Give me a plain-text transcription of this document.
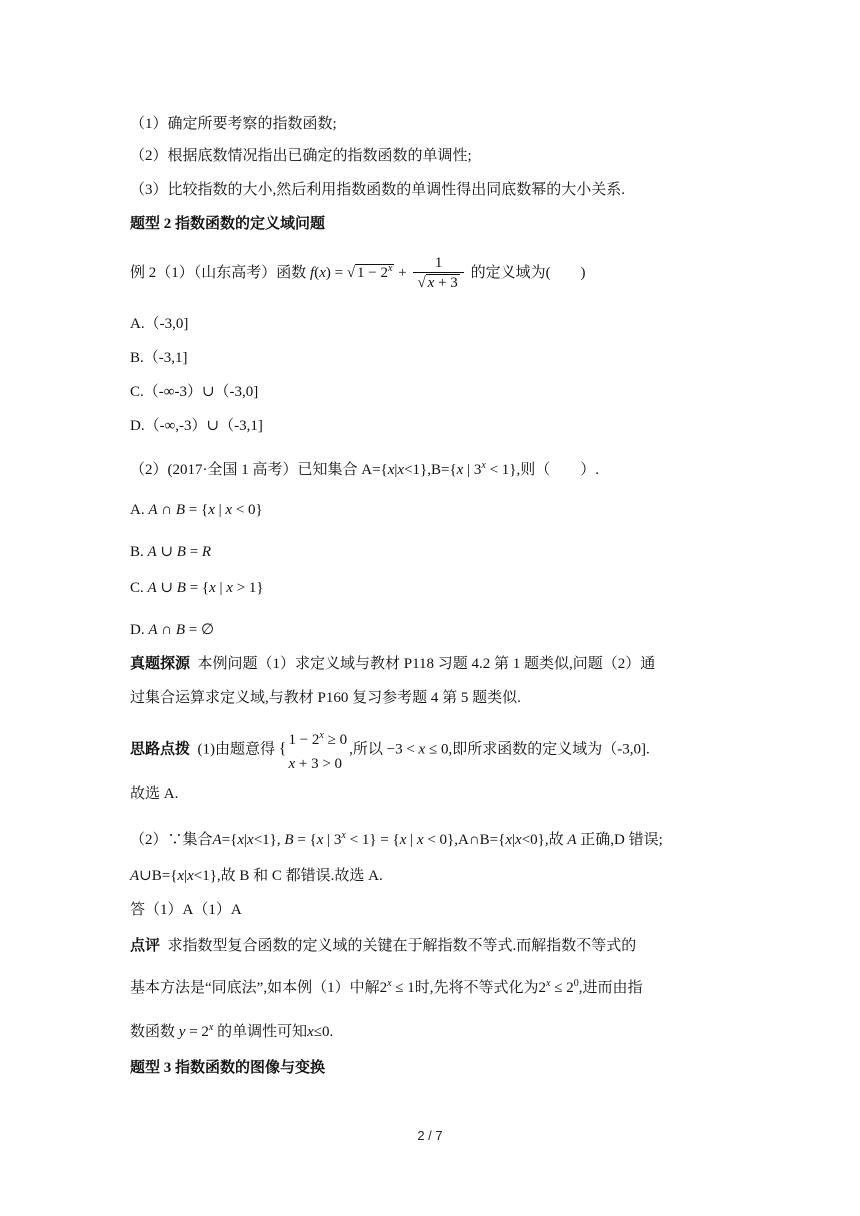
（1）确定所要考察的指数函数;
（2）根据底数情况指出已确定的指数函数的单调性;
（3）比较指数的大小,然后利用指数函数的单调性得出同底数幂的大小关系.
题型 2 指数函数的定义域问题
例 2（1）（山东高考）函数 f(x) = √ $1 - 2^x + \frac{1}{√ x + 3}$ 的定义域为(　　)
A.（-3,0]
B.（-3,1]
C.（-∞-3）∪（-3,0]
D.（-∞,-3）∪（-3,1]
（2）(2017·全国 1 高考）已知集合 A={x|x<1},B={x | $3^x < 1$},则（　　）.
A. A ∩ B = {x | x < 0}
B. A ∪ B = R
C. A ∪ B = {x | x > 1}
D. A ∩ B = ∅
真题探源 本例问题（1）求定义域与教材 P118 习题 4.2 第 1 题类似,问题（2）通
过集合运算求定义域,与教材 P160 复习参考题 4 第 5 题类似.
思路点拨 (1)由题意得 {
$1 - 2^x \ge 0$
x + 3 > 0
,所以 −3 < x ≤ 0,即所求函数的定义域为（-3,0].
故选 A.
（2）∵集合A={x|x<1}, B = {x | $3^x < 1\} = \{x$ | x < 0},A∩B={x|x<0},故 A 正确,D 错误;
A∪B={x|x<1},故 B 和 C 都错误.故选 A.
答（1）A（1）A
点评 求指数型复合函数的定义域的关键在于解指数不等式.而解指数不等式的
基本方法是“同底法”,如本例（1）中解$2^x \le 1$时,先将不等式化为$2^x \le 2^0$,进而由指
数函数 $y = 2^x$ 的单调性可知x≤0.
题型 3 指数函数的图像与变换
2 / 7
